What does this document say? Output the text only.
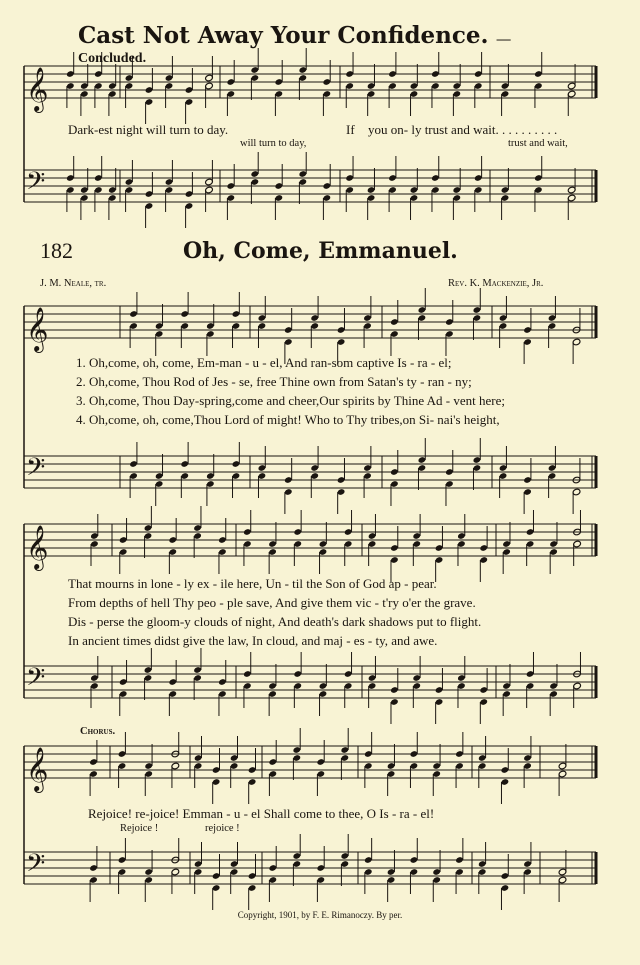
Cast Not Away Your Confidence. —Concluded.
𝄞
𝄢
𝄞
𝄢
𝄞
𝄢
𝄞
𝄢
Dark-est night will turn to day.	If you on- ly trust and wait. . . . . . . . . .
will turn to day,	trust and wait,
182	Oh, Come, Emmanuel.
J. M. Neale, tr.	Rev. K. Mackenzie, Jr.
1. Oh,come, oh, come, Em-man - u - el, And ran-som captive Is - ra - el;
2. Oh,come, Thou Rod of Jes - se, free Thine own from Satan's ty - ran - ny;
3. Oh,come, Thou Day-spring,come and cheer,Our spirits by Thine Ad - vent here;
4. Oh,come, oh, come,Thou Lord of might! Who to Thy tribes,on Si- nai's height,
That mourns in lone - ly ex - ile here, Un - til the Son of God ap - pear.
From depths of hell Thy peo - ple save, And give them vic - t'ry o'er the grave.
Dis - perse the gloom-y clouds of night, And death's dark shadows put to flight.
In ancient times didst give the law, In cloud, and maj - es - ty, and awe.
Chorus.
Rejoice! re-joice! Emman - u - el Shall come to thee, O Is - ra - el!
Rejoice !	rejoice !
Copyright, 1901, by F. E. Rimanoczy. By per.
